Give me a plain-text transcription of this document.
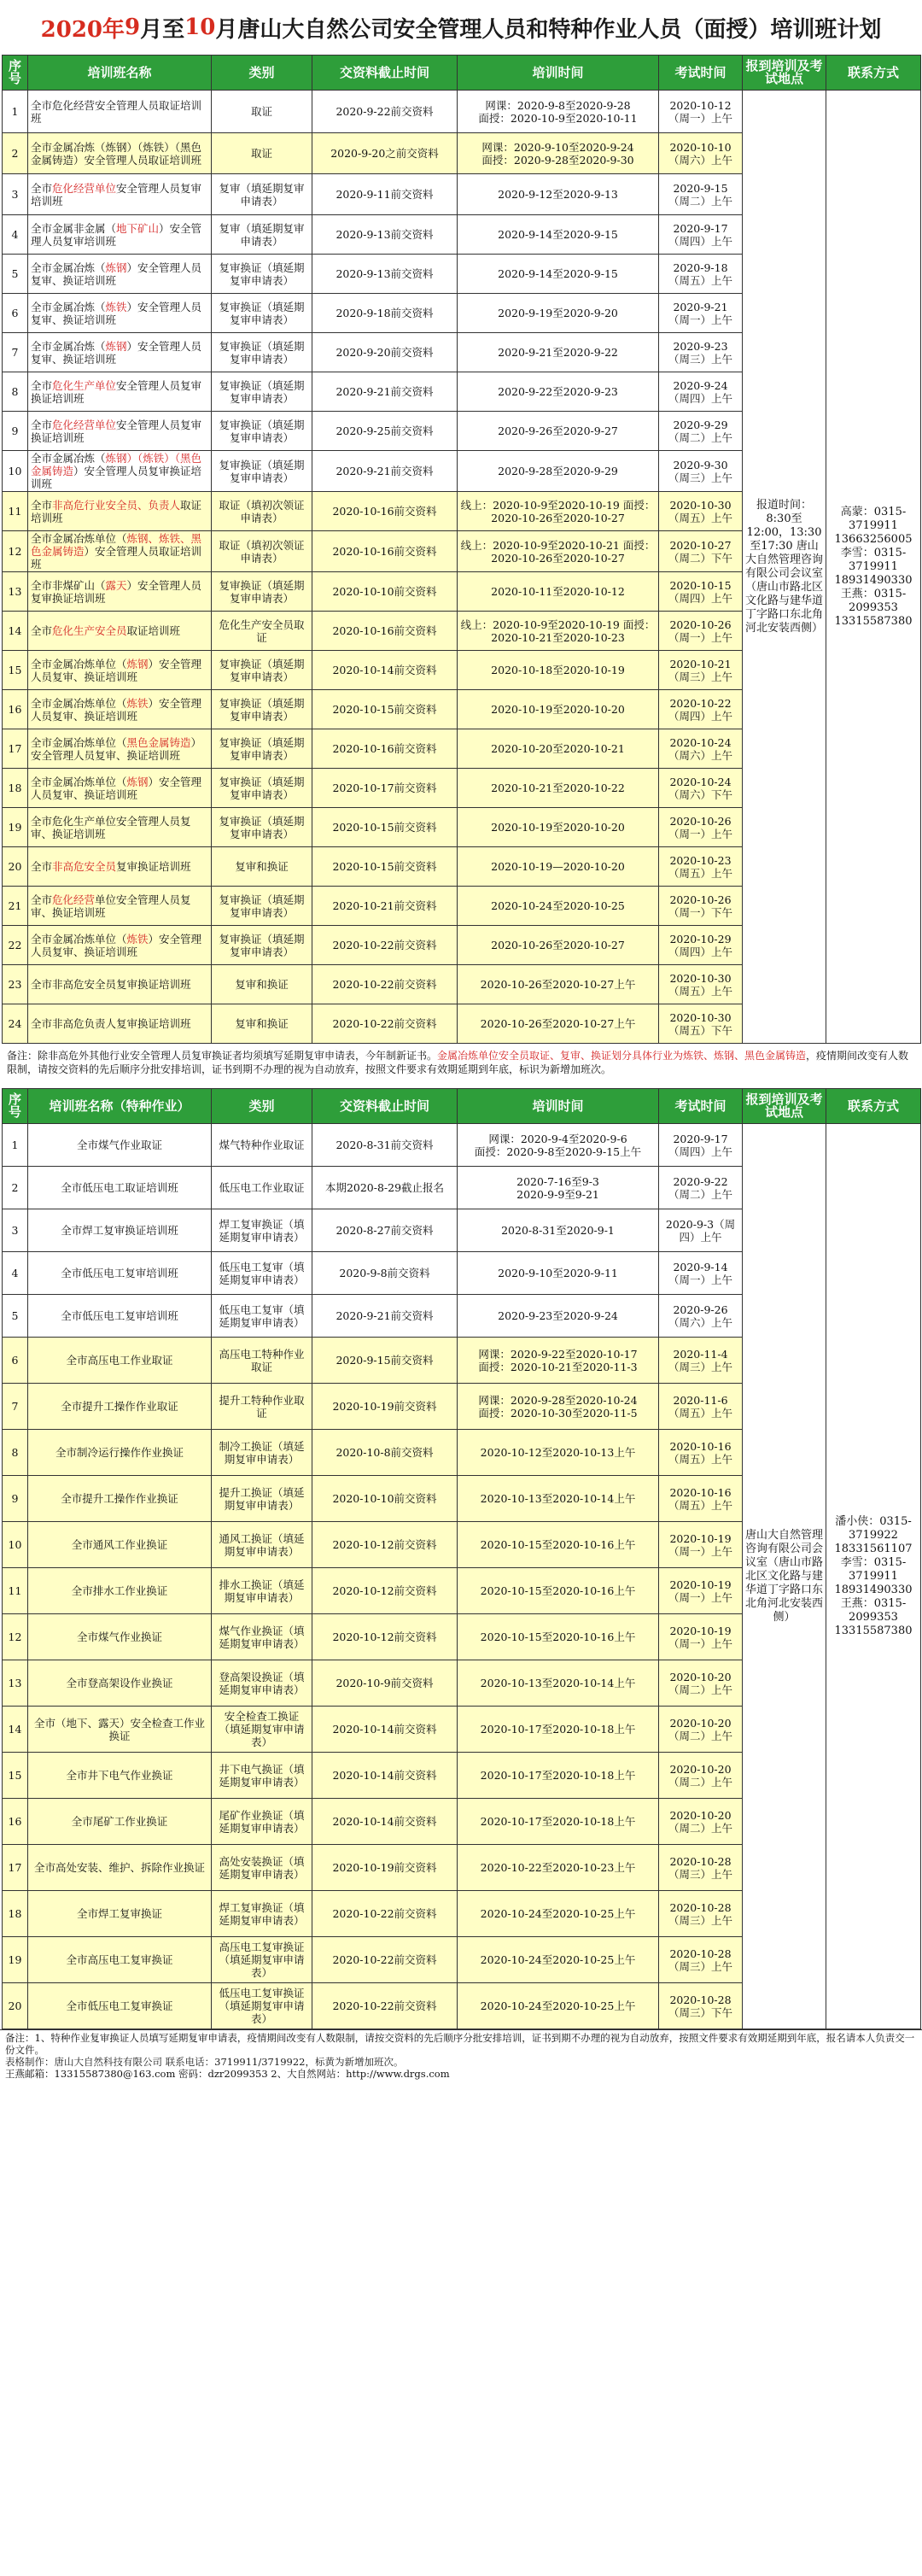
2020年 9 月至 10 月唐山大自然公司安全管理人员和特种作业人员（面授）培训班计划
序号	培训班名称	类别	交资料截止时间	培训时间	考试时间	报到培训及考试地点	联系方式
1	全市危化经营安全管理人员取证培训班	取证	2020-9-22前交资料	网课：2020-9-8至2020-9-28
面授：2020-10-9至2020-10-11	2020-10-12
（周一）上午	报道时间：8:30至12:00，13:30至17:30 唐山大自然管理咨询有限公司会议室（唐山市路北区文化路与建华道丁字路口东北角河北安装西侧）	高蒙：0315-3719911 13663256005 李雪：0315-3719911 18931490330 王燕：0315-2099353 13315587380
2	全市金属冶炼（炼钢）（炼铁）（黑色金属铸造）安全管理人员取证培训班	取证	2020-9-20之前交资料	网课：2020-9-10至2020-9-24
面授：2020-9-28至2020-9-30	2020-10-10
（周六）上午		
3	全市危化经营单位安全管理人员复审培训班	复审（填延期复审申请表）	2020-9-11前交资料	2020-9-12至2020-9-13	2020-9-15
（周二）上午		
4	全市金属非金属（地下矿山）安全管理人员复审培训班	复审（填延期复审申请表）	2020-9-13前交资料	2020-9-14至2020-9-15	2020-9-17
（周四）上午		
5	全市金属冶炼（炼钢）安全管理人员复审、换证培训班	复审换证（填延期复审申请表）	2020-9-13前交资料	2020-9-14至2020-9-15	2020-9-18
（周五）上午		
6	全市金属冶炼（炼铁）安全管理人员复审、换证培训班	复审换证（填延期复审申请表）	2020-9-18前交资料	2020-9-19至2020-9-20	2020-9-21
（周一）上午		
7	全市金属冶炼（炼钢）安全管理人员复审、换证培训班	复审换证（填延期复审申请表）	2020-9-20前交资料	2020-9-21至2020-9-22	2020-9-23
（周三）上午		
8	全市危化生产单位安全管理人员复审换证培训班	复审换证（填延期复审申请表）	2020-9-21前交资料	2020-9-22至2020-9-23	2020-9-24
（周四）上午		
9	全市危化经营单位安全管理人员复审换证培训班	复审换证（填延期复审申请表）	2020-9-25前交资料	2020-9-26至2020-9-27	2020-9-29
（周二）上午		
10	全市金属冶炼（炼钢）（炼铁）（黑色金属铸造）安全管理人员复审换证培训班	复审换证（填延期复审申请表）	2020-9-21前交资料	2020-9-28至2020-9-29	2020-9-30
（周三）上午		
11	全市非高危行业安全员、负责人取证培训班	取证（填初次领证申请表）	2020-10-16前交资料	线上：2020-10-9至2020-10-19 面授：2020-10-26至2020-10-27	2020-10-30
（周五）上午		
12	全市金属冶炼单位（炼钢、炼铁、黑色金属铸造）安全管理人员取证培训班	取证（填初次领证申请表）	2020-10-16前交资料	线上：2020-10-9至2020-10-21 面授：2020-10-26至2020-10-27	2020-10-27
（周二）下午		
13	全市非煤矿山（露天）安全管理人员复审换证培训班	复审换证（填延期复审申请表）	2020-10-10前交资料	2020-10-11至2020-10-12	2020-10-15
（周四）上午		
14	全市危化生产安全员取证培训班	危化生产安全员取证	2020-10-16前交资料	线上：2020-10-9至2020-10-19 面授：2020-10-21至2020-10-23	2020-10-26
（周一）上午		
15	全市金属冶炼单位（炼钢）安全管理人员复审、换证培训班	复审换证（填延期复审申请表）	2020-10-14前交资料	2020-10-18至2020-10-19	2020-10-21
（周三）上午		
16	全市金属冶炼单位（炼铁）安全管理人员复审、换证培训班	复审换证（填延期复审申请表）	2020-10-15前交资料	2020-10-19至2020-10-20	2020-10-22
（周四）上午		
17	全市金属冶炼单位（黑色金属铸造）安全管理人员复审、换证培训班	复审换证（填延期复审申请表）	2020-10-16前交资料	2020-10-20至2020-10-21	2020-10-24
（周六）上午		
18	全市金属冶炼单位（炼钢）安全管理人员复审、换证培训班	复审换证（填延期复审申请表）	2020-10-17前交资料	2020-10-21至2020-10-22	2020-10-24
（周六）下午		
19	全市危化生产单位安全管理人员复审、换证培训班	复审换证（填延期复审申请表）	2020-10-15前交资料	2020-10-19至2020-10-20	2020-10-26
（周一）上午		
20	全市非高危安全员复审换证培训班	复审和换证	2020-10-15前交资料	2020-10-19—2020-10-20	2020-10-23
（周五）上午		
21	全市危化经营单位安全管理人员复审、换证培训班	复审换证（填延期复审申请表）	2020-10-21前交资料	2020-10-24至2020-10-25	2020-10-26
（周一）下午		
22	全市金属冶炼单位（炼铁）安全管理人员复审、换证培训班	复审换证（填延期复审申请表）	2020-10-22前交资料	2020-10-26至2020-10-27	2020-10-29
（周四）上午		
23	全市非高危安全员复审换证培训班	复审和换证	2020-10-22前交资料	2020-10-26至2020-10-27上午	2020-10-30
（周五）上午		
24	全市非高危负责人复审换证培训班	复审和换证	2020-10-22前交资料	2020-10-26至2020-10-27上午	2020-10-30
（周五）下午		
备注：除非高危外其他行业安全管理人员复审换证者均须填写延期复审申请表，今年制新证书。金属冶炼单位安全员取证、复审、换证划分具体行业为炼铁、炼钢、黑色金属铸造，疫情期间改变有人数限制，请按交资料的先后顺序分批安排培训，证书到期不办理的视为自动放弃，按照文件要求有效期延期到年底，标识为新增加班次。
序号	培训班名称（特种作业）	类别	交资料截止时间	培训时间	考试时间	报到培训及考试地点	联系方式
1	全市煤气作业取证	煤气特种作业取证	2020-8-31前交资料	网课：2020-9-4至2020-9-6
面授：2020-9-8至2020-9-15上午	2020-9-17
（周四）上午	唐山大自然管理咨询有限公司会议室（唐山市路北区文化路与建华道丁字路口东北角河北安装西侧）	潘小侠：0315-3719922 18331561107 李雪：0315-3719911 18931490330 王燕：0315-2099353 13315587380
2	全市低压电工取证培训班	低压电工作业取证	本期2020-8-29截止报名	2020-7-16至9-3
2020-9-9至9-21	2020-9-22
（周二）上午		
3	全市焊工复审换证培训班	焊工复审换证（填延期复审申请表）	2020-8-27前交资料	2020-8-31至2020-9-1	2020-9-3（周四）上午		
4	全市低压电工复审培训班	低压电工复审（填延期复审申请表）	2020-9-8前交资料	2020-9-10至2020-9-11	2020-9-14
（周一）上午		
5	全市低压电工复审培训班	低压电工复审（填延期复审申请表）	2020-9-21前交资料	2020-9-23至2020-9-24	2020-9-26
（周六）上午		
6	全市高压电工作业取证	高压电工特种作业取证	2020-9-15前交资料	网课：2020-9-22至2020-10-17
面授：2020-10-21至2020-11-3	2020-11-4
（周三）上午		
7	全市提升工操作作业取证	提升工特种作业取证	2020-10-19前交资料	网课：2020-9-28至2020-10-24
面授：2020-10-30至2020-11-5	2020-11-6
（周五）上午		
8	全市制冷运行操作作业换证	制冷工换证（填延期复审申请表）	2020-10-8前交资料	2020-10-12至2020-10-13上午	2020-10-16
（周五）上午		
9	全市提升工操作作业换证	提升工换证（填延期复审申请表）	2020-10-10前交资料	2020-10-13至2020-10-14上午	2020-10-16
（周五）上午		
10	全市通风工作业换证	通风工换证（填延期复审申请表）	2020-10-12前交资料	2020-10-15至2020-10-16上午	2020-10-19
（周一）上午		
11	全市排水工作业换证	排水工换证（填延期复审申请表）	2020-10-12前交资料	2020-10-15至2020-10-16上午	2020-10-19
（周一）上午		
12	全市煤气作业换证	煤气作业换证（填延期复审申请表）	2020-10-12前交资料	2020-10-15至2020-10-16上午	2020-10-19
（周一）上午		
13	全市登高架设作业换证	登高架设换证（填延期复审申请表）	2020-10-9前交资料	2020-10-13至2020-10-14上午	2020-10-20
（周二）上午		
14	全市（地下、露天）安全检查工作业换证	安全检查工换证（填延期复审申请表）	2020-10-14前交资料	2020-10-17至2020-10-18上午	2020-10-20
（周二）上午		
15	全市井下电气作业换证	井下电气换证（填延期复审申请表）	2020-10-14前交资料	2020-10-17至2020-10-18上午	2020-10-20
（周二）上午		
16	全市尾矿工作业换证	尾矿作业换证（填延期复审申请表）	2020-10-14前交资料	2020-10-17至2020-10-18上午	2020-10-20
（周二）上午		
17	全市高处安装、维护、拆除作业换证	高处安装换证（填延期复审申请表）	2020-10-19前交资料	2020-10-22至2020-10-23上午	2020-10-28
（周三）上午		
18	全市焊工复审换证	焊工复审换证（填延期复审申请表）	2020-10-22前交资料	2020-10-24至2020-10-25上午	2020-10-28
（周三）上午		
19	全市高压电工复审换证	高压电工复审换证（填延期复审申请表）	2020-10-22前交资料	2020-10-24至2020-10-25上午	2020-10-28
（周三）上午		
20	全市低压电工复审换证	低压电工复审换证（填延期复审申请表）	2020-10-22前交资料	2020-10-24至2020-10-25上午	2020-10-28
（周三）下午		
备注：1、特种作业复审换证人员填写延期复审申请表，疫情期间改变有人数限制，请按交资料的先后顺序分批安排培训，证书到期不办理的视为自动放弃，按照文件要求有效期延期到年底，报名请本人负责交一份文件。
表格制作：唐山大自然科技有限公司 联系电话：3719911/3719922，标黄为新增加班次。
王燕邮箱：13315587380@163.com 密码：dzr2099353 2、大自然网站：http://www.drgs.com
